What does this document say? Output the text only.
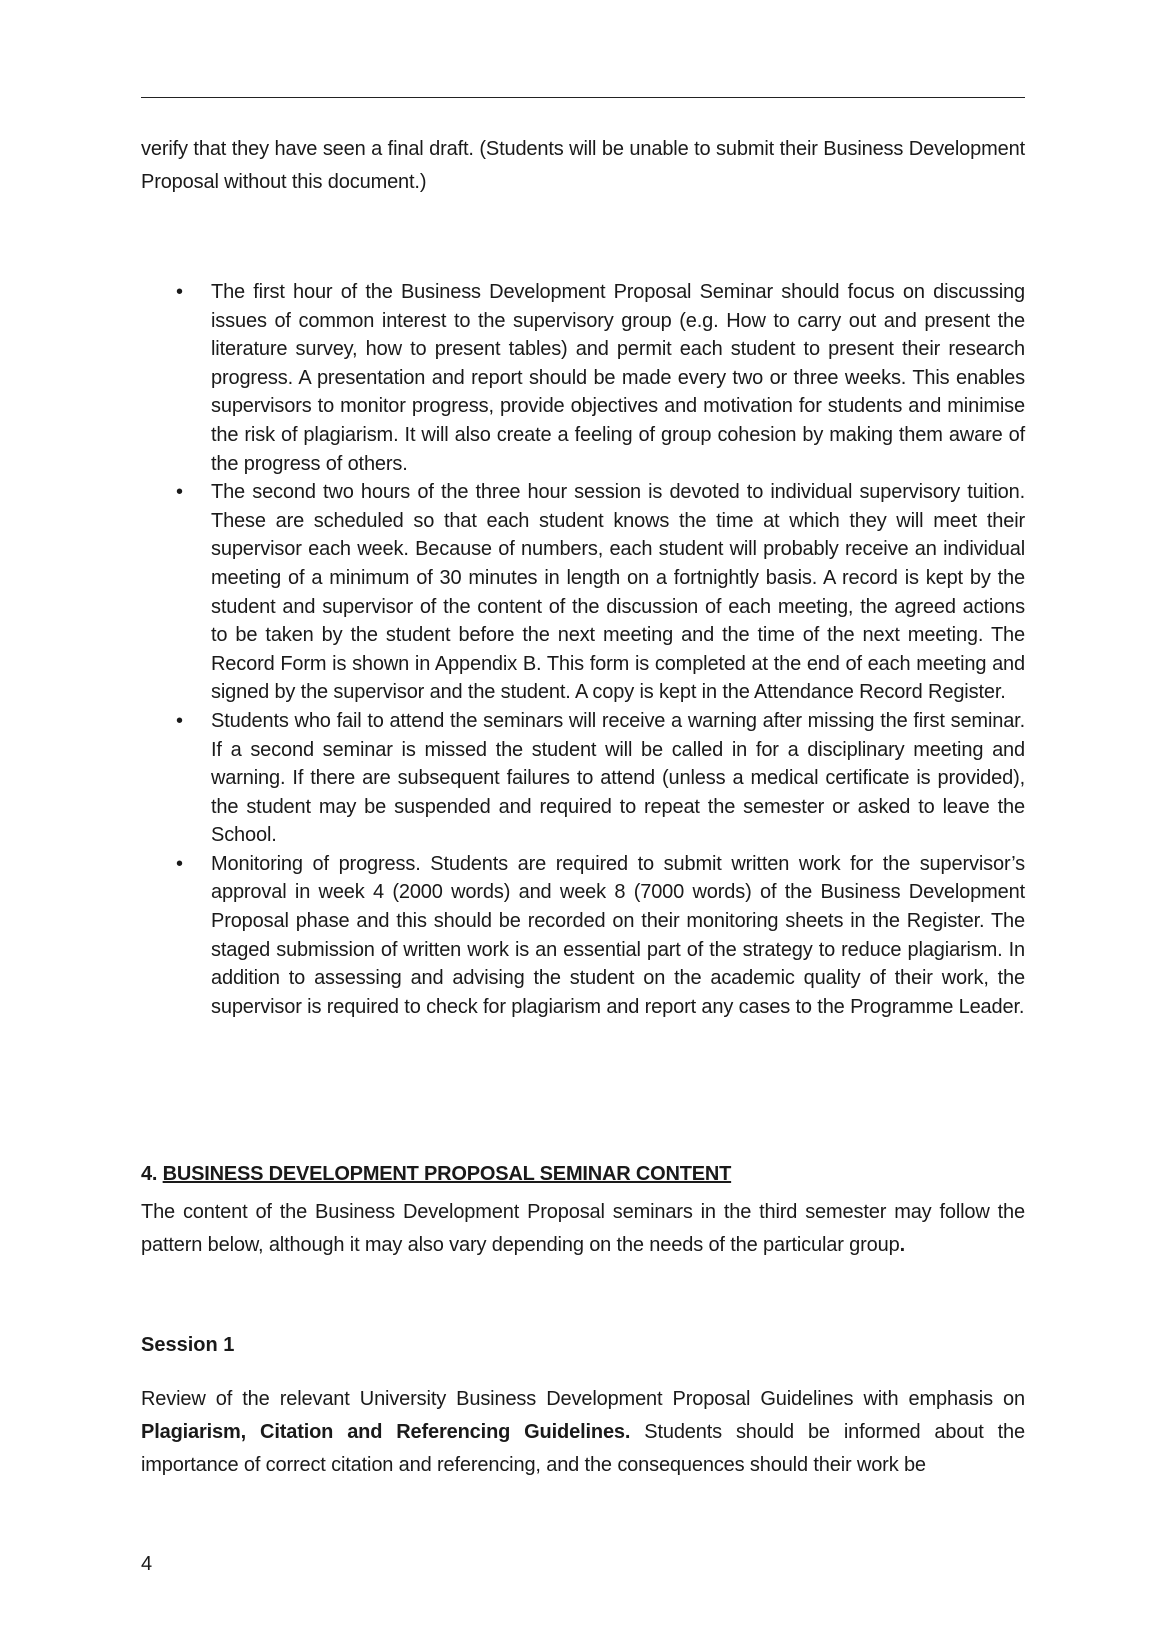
verify that they have seen a final draft. (Students will be unable to submit their Business Development Proposal without this document.)
• The first hour of the Business Development Proposal Seminar should focus on discussing issues of common interest to the supervisory group (e.g. How to carry out and present the literature survey, how to present tables) and permit each student to present their research progress. A presentation and report should be made every two or three weeks. This enables supervisors to monitor progress, provide objectives and motivation for students and minimise the risk of plagiarism. It will also create a feeling of group cohesion by making them aware of the progress of others.
• The second two hours of the three hour session is devoted to individual supervisory tuition. These are scheduled so that each student knows the time at which they will meet their supervisor each week. Because of numbers, each student will probably receive an individual meeting of a minimum of 30 minutes in length on a fortnightly basis. A record is kept by the student and supervisor of the content of the discussion of each meeting, the agreed actions to be taken by the student before the next meeting and the time of the next meeting. The Record Form is shown in Appendix B. This form is completed at the end of each meeting and signed by the supervisor and the student. A copy is kept in the Attendance Record Register.
• Students who fail to attend the seminars will receive a warning after missing the first seminar. If a second seminar is missed the student will be called in for a disciplinary meeting and warning. If there are subsequent failures to attend (unless a medical certificate is provided), the student may be suspended and required to repeat the semester or asked to leave the School.
• Monitoring of progress. Students are required to submit written work for the supervisor’s approval in week 4 (2000 words) and week 8 (7000 words) of the Business Development Proposal phase and this should be recorded on their monitoring sheets in the Register. The staged submission of written work is an essential part of the strategy to reduce plagiarism. In addition to assessing and advising the student on the academic quality of their work, the supervisor is required to check for plagiarism and report any cases to the Programme Leader.
4. BUSINESS DEVELOPMENT PROPOSAL SEMINAR CONTENT
The content of the Business Development Proposal seminars in the third semester may follow the pattern below, although it may also vary depending on the needs of the particular group.
Session 1
Review of the relevant University Business Development Proposal Guidelines with emphasis on Plagiarism, Citation and Referencing Guidelines. Students should be informed about the importance of correct citation and referencing, and the consequences should their work be
4
